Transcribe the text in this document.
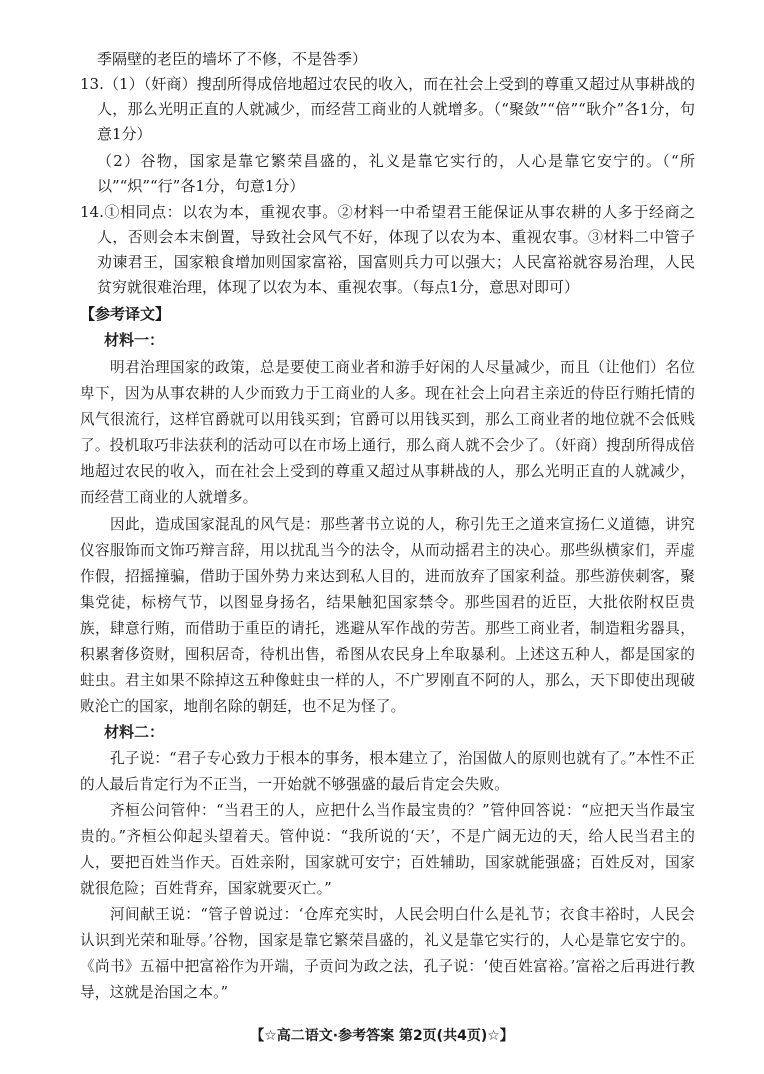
季隔壁的老臣的墙坏了不修，不是咎季）

13.（1）（奸商）搜刮所得成倍地超过农民的收入，而在社会上受到的尊重又超过从事耕战的人，那么光明正直的人就减少，而经营工商业的人就增多。（“聚敛”“倍”“耿介”各1分，句意1分）

（2）谷物，国家是靠它繁荣昌盛的，礼义是靠它实行的，人心是靠它安宁的。（“所以”“炽”“行”各1分，句意1分）

14.①相同点：以农为本，重视农事。②材料一中希望君王能保证从事农耕的人多于经商之人，否则会本末倒置，导致社会风气不好，体现了以农为本、重视农事。③材料二中管子劝谏君王，国家粮食增加则国家富裕，国富则兵力可以强大；人民富裕就容易治理，人民贫穷就很难治理，体现了以农为本、重视农事。（每点1分，意思对即可）

【参考译文】

材料一：

明君治理国家的政策，总是要使工商业者和游手好闲的人尽量减少，而且（让他们）名位卑下，因为从事农耕的人少而致力于工商业的人多。现在社会上向君主亲近的侍臣行贿托情的风气很流行，这样官爵就可以用钱买到；官爵可以用钱买到，那么工商业者的地位就不会低贱了。投机取巧非法获利的活动可以在市场上通行，那么商人就不会少了。（奸商）搜刮所得成倍地超过农民的收入，而在社会上受到的尊重又超过从事耕战的人，那么光明正直的人就减少，而经营工商业的人就增多。

因此，造成国家混乱的风气是：那些著书立说的人，称引先王之道来宣扬仁义道德，讲究仪容服饰而文饰巧辩言辞，用以扰乱当今的法令，从而动摇君主的决心。那些纵横家们，弄虚作假，招摇撞骗，借助于国外势力来达到私人目的，进而放弃了国家利益。那些游侠刺客，聚集党徒，标榜气节，以图显身扬名，结果触犯国家禁令。那些国君的近臣，大批依附权臣贵族，肆意行贿，而借助于重臣的请托，逃避从军作战的劳苦。那些工商业者，制造粗劣器具，积累奢侈资财，囤积居奇，待机出售，希图从农民身上牟取暴利。上述这五种人，都是国家的蛀虫。君主如果不除掉这五种像蛀虫一样的人，不广罗刚直不阿的人，那么，天下即使出现破败沦亡的国家，地削名除的朝廷，也不足为怪了。

材料二：

孔子说：“君子专心致力于根本的事务，根本建立了，治国做人的原则也就有了。”本性不正的人最后肯定行为不正当，一开始就不够强盛的最后肯定会失败。

齐桓公问管仲：“当君王的人，应把什么当作最宝贵的？”管仲回答说：“应把天当作最宝贵的。”齐桓公仰起头望着天。管仲说：“我所说的‘天’，不是广阔无边的天，给人民当君主的人，要把百姓当作天。百姓亲附，国家就可安宁；百姓辅助，国家就能强盛；百姓反对，国家就很危险；百姓背弃，国家就要灭亡。”

河间献王说：“管子曾说过：‘仓库充实时，人民会明白什么是礼节；衣食丰裕时，人民会认识到光荣和耻辱。’谷物，国家是靠它繁荣昌盛的，礼义是靠它实行的，人心是靠它安宁的。《尚书》五福中把富裕作为开端，子贡问为政之法，孔子说：‘使百姓富裕。’富裕之后再进行教导，这就是治国之本。”

【☆高二语文·参考答案 第2页(共4页)☆】
